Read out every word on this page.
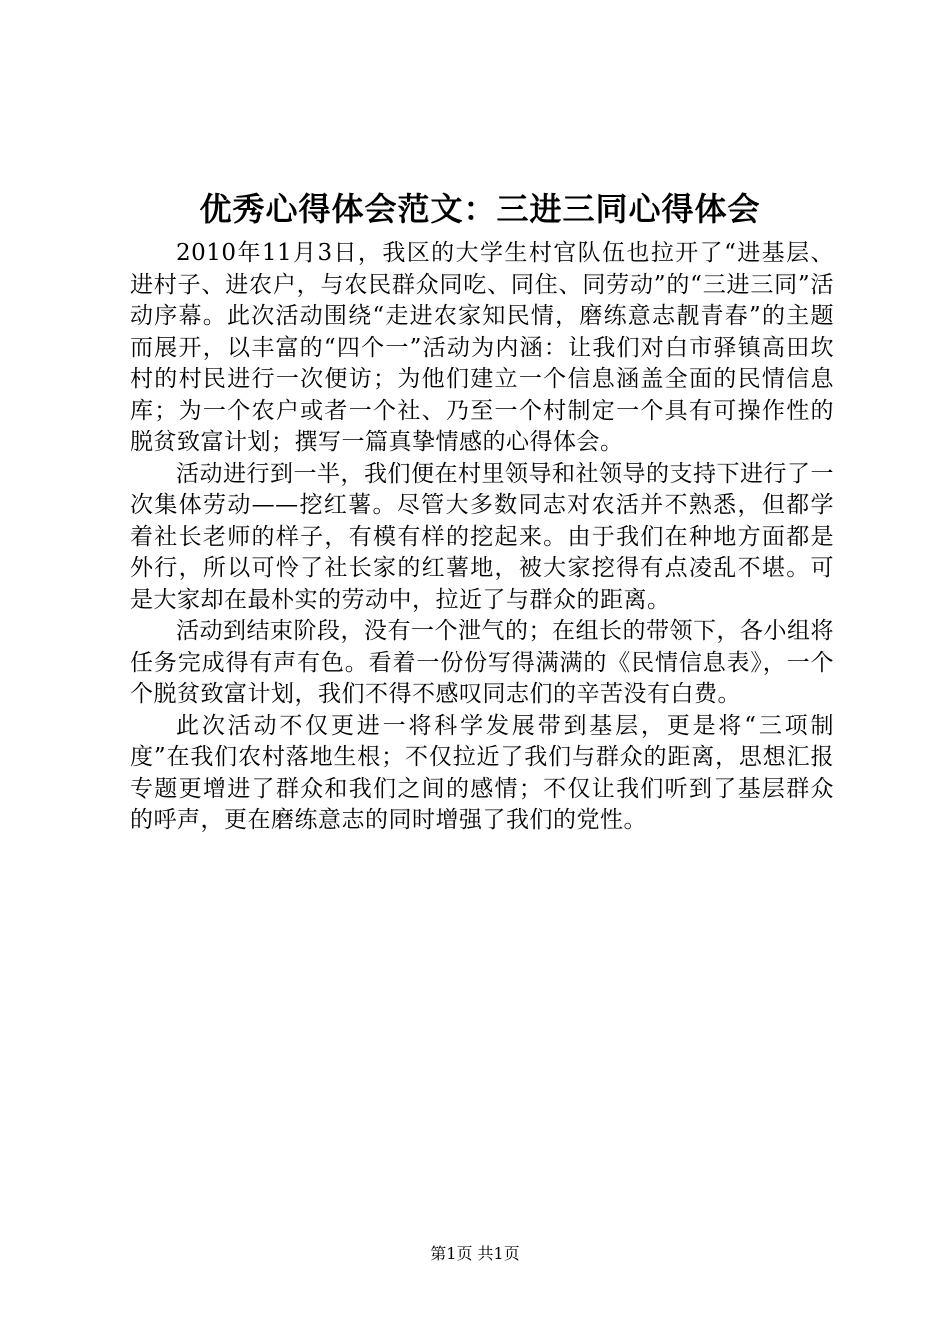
优秀心得体会范文：三进三同心得体会

2010年11月3日，我区的大学生村官队伍也拉开了“进基层、进村子、进农户，与农民群众同吃、同住、同劳动”的“三进三同”活动序幕。此次活动围绕“走进农家知民情，磨练意志靓青春”的主题而展开，以丰富的“四个一”活动为内涵：让我们对白市驿镇高田坎村的村民进行一次便访；为他们建立一个信息涵盖全面的民情信息库；为一个农户或者一个社、乃至一个村制定一个具有可操作性的脱贫致富计划；撰写一篇真挚情感的心得体会。

活动进行到一半，我们便在村里领导和社领导的支持下进行了一次集体劳动——挖红薯。尽管大多数同志对农活并不熟悉，但都学着社长老师的样子，有模有样的挖起来。由于我们在种地方面都是外行，所以可怜了社长家的红薯地，被大家挖得有点凌乱不堪。可是大家却在最朴实的劳动中，拉近了与群众的距离。

活动到结束阶段，没有一个泄气的；在组长的带领下，各小组将任务完成得有声有色。看着一份份写得满满的《民情信息表》，一个个脱贫致富计划，我们不得不感叹同志们的辛苦没有白费。

此次活动不仅更进一将科学发展带到基层，更是将“三项制度”在我们农村落地生根；不仅拉近了我们与群众的距离，思想汇报专题更增进了群众和我们之间的感情；不仅让我们听到了基层群众的呼声，更在磨练意志的同时增强了我们的党性。

第1页 共1页
